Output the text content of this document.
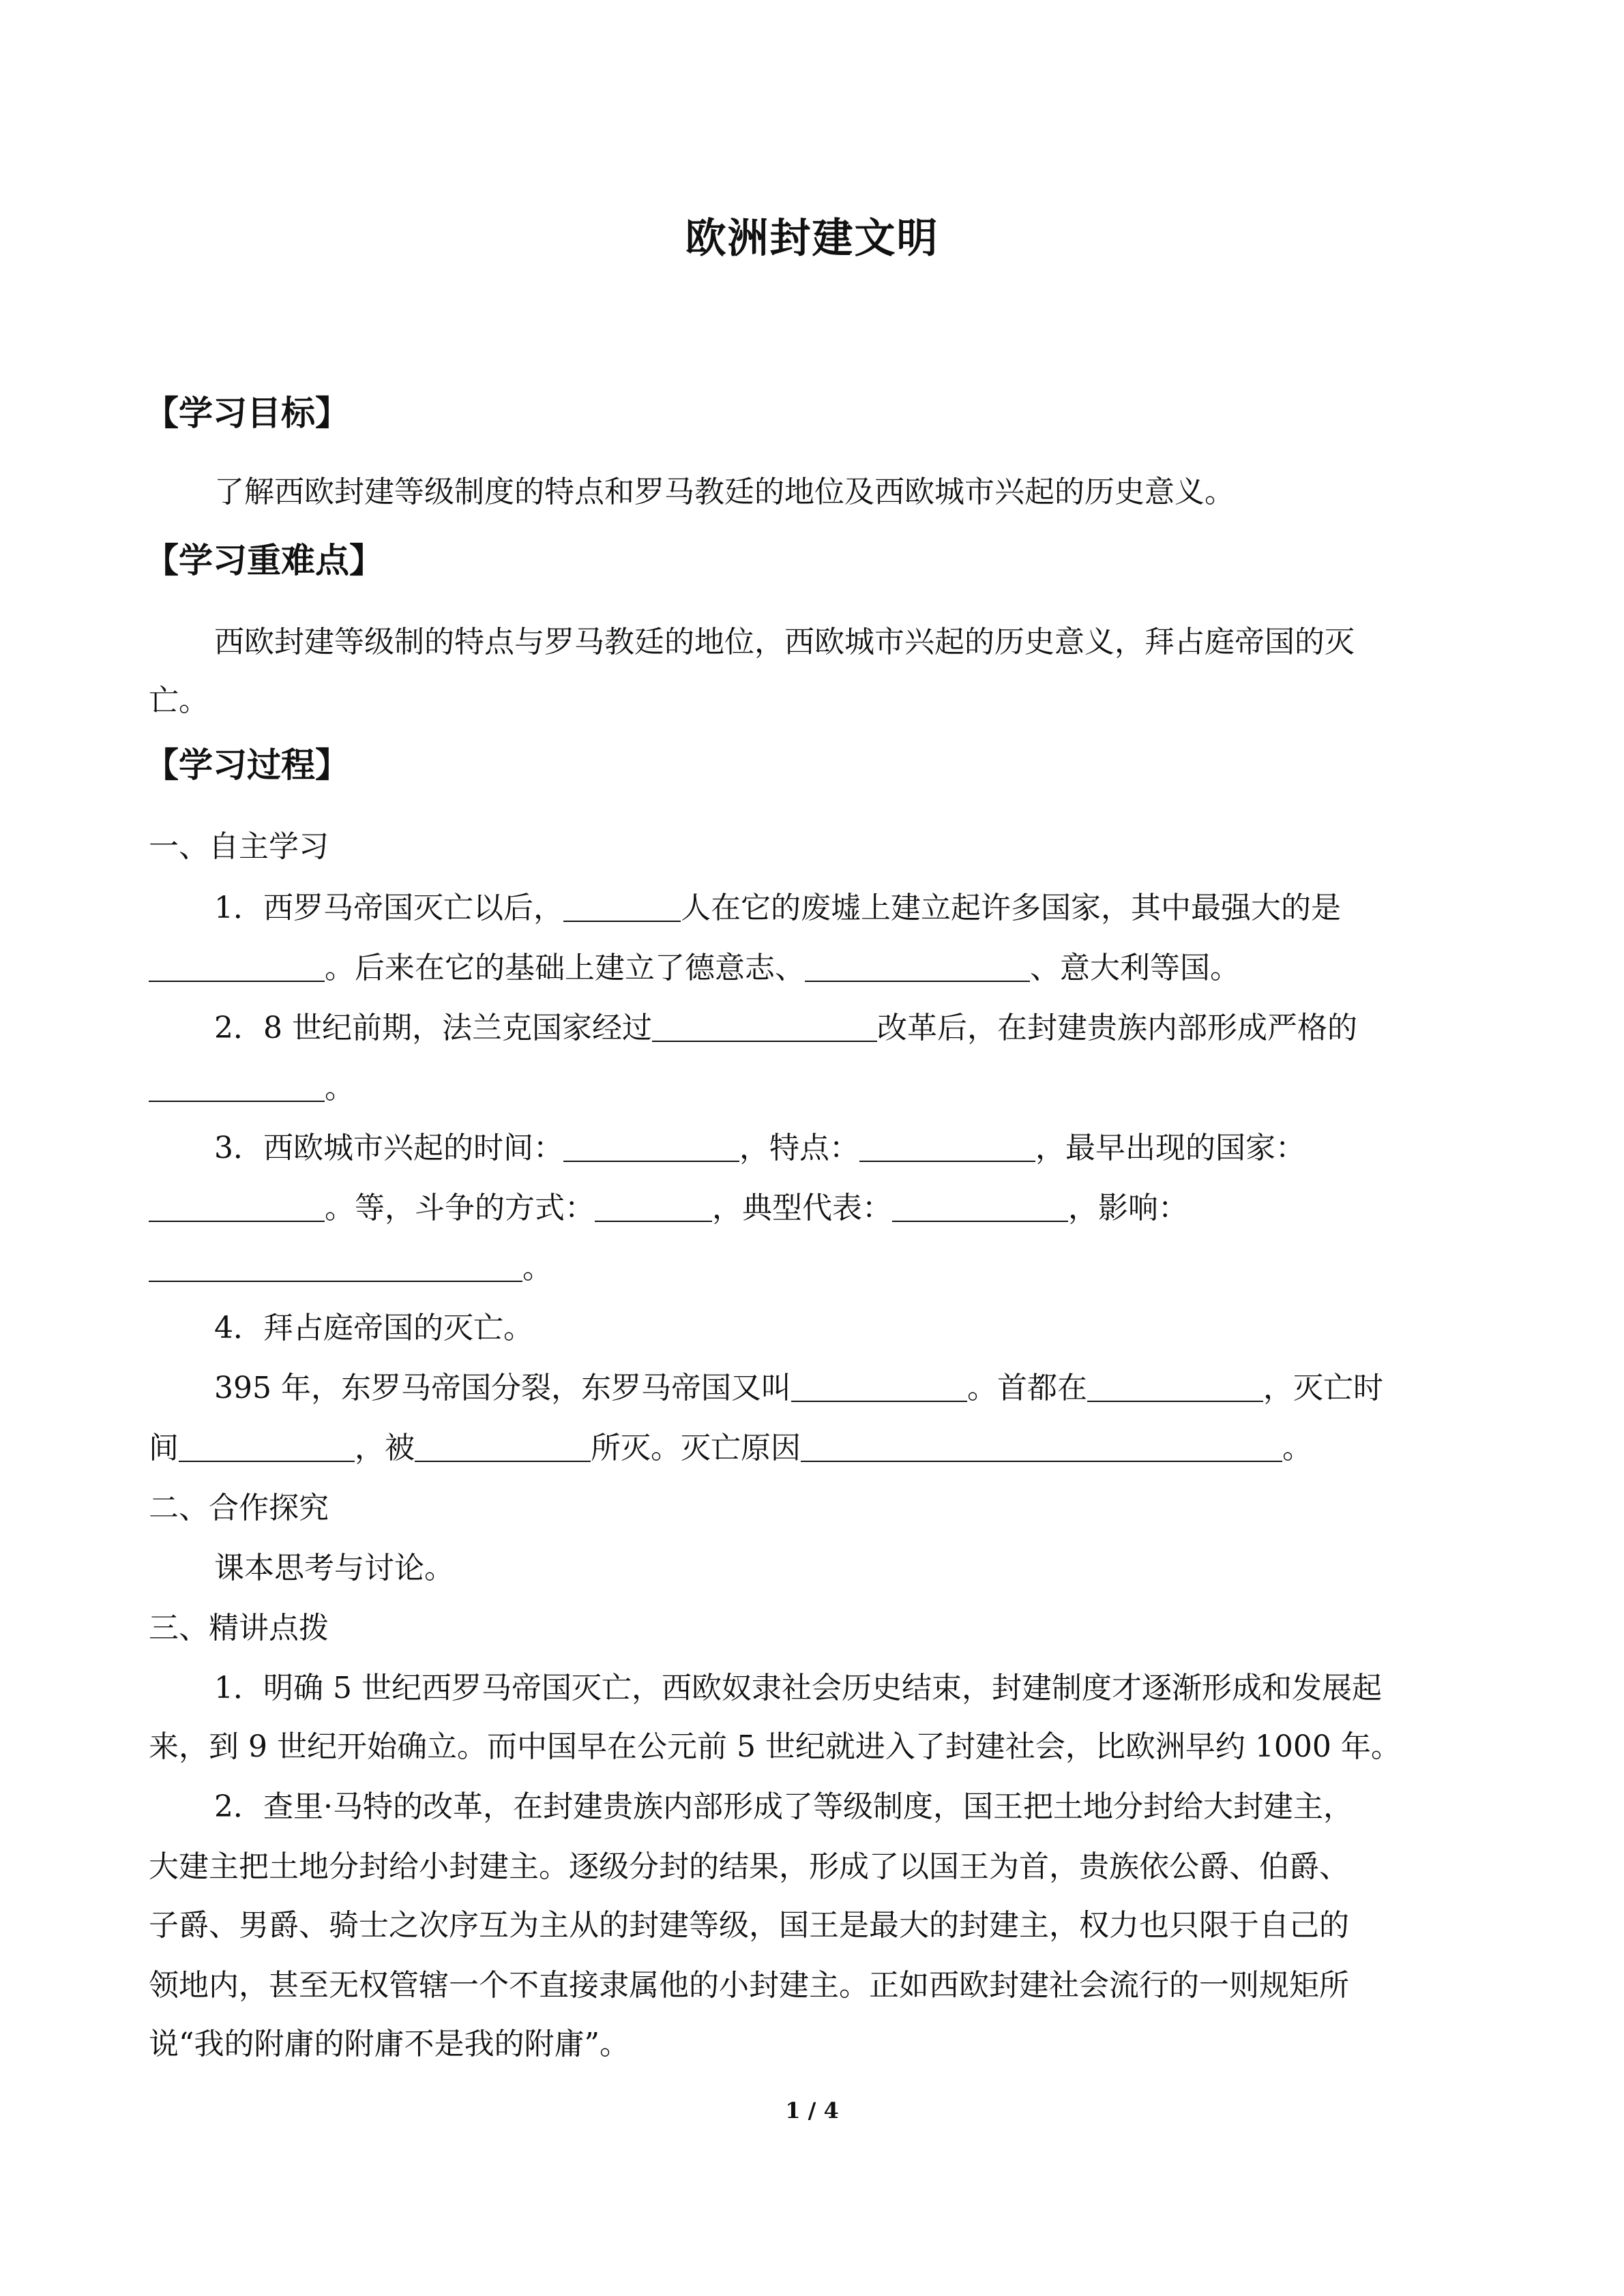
欧洲封建文明
【学习目标】
了解西欧封建等级制度的特点和罗马教廷的地位及西欧城市兴起的历史意义。
【学习重难点】
西欧封建等级制的特点与罗马教廷的地位，西欧城市兴起的历史意义，拜占庭帝国的灭
亡。
【学习过程】
一、自主学习
1．西罗马帝国灭亡以后，	人在它的废墟上建立起许多国家，其中最强大的是
。后来在它的基础上建立了德意志、	、意大利等国。
2．8 世纪前期，法兰克国家经过	改革后，在封建贵族内部形成严格的
。
3．西欧城市兴起的时间：	，特点：	，最早出现的国家：
。等，斗争的方式：	，典型代表：	，影响：
。
4．拜占庭帝国的灭亡。
395 年，东罗马帝国分裂，东罗马帝国又叫	。首都在	，灭亡时
间	，被	所灭。灭亡原因	。
二、合作探究
课本思考与讨论。
三、精讲点拨
1．明确 5 世纪西罗马帝国灭亡，西欧奴隶社会历史结束，封建制度才逐渐形成和发展起
来，到 9 世纪开始确立。而中国早在公元前 5 世纪就进入了封建社会，比欧洲早约 1000 年。
2．查里·马特的改革，在封建贵族内部形成了等级制度，国王把土地分封给大封建主，
大建主把土地分封给小封建主。逐级分封的结果，形成了以国王为首，贵族依公爵、伯爵、
子爵、男爵、骑士之次序互为主从的封建等级，国王是最大的封建主，权力也只限于自己的
领地内，甚至无权管辖一个不直接隶属他的小封建主。正如西欧封建社会流行的一则规矩所
说“我的附庸的附庸不是我的附庸”。
1 / 4
